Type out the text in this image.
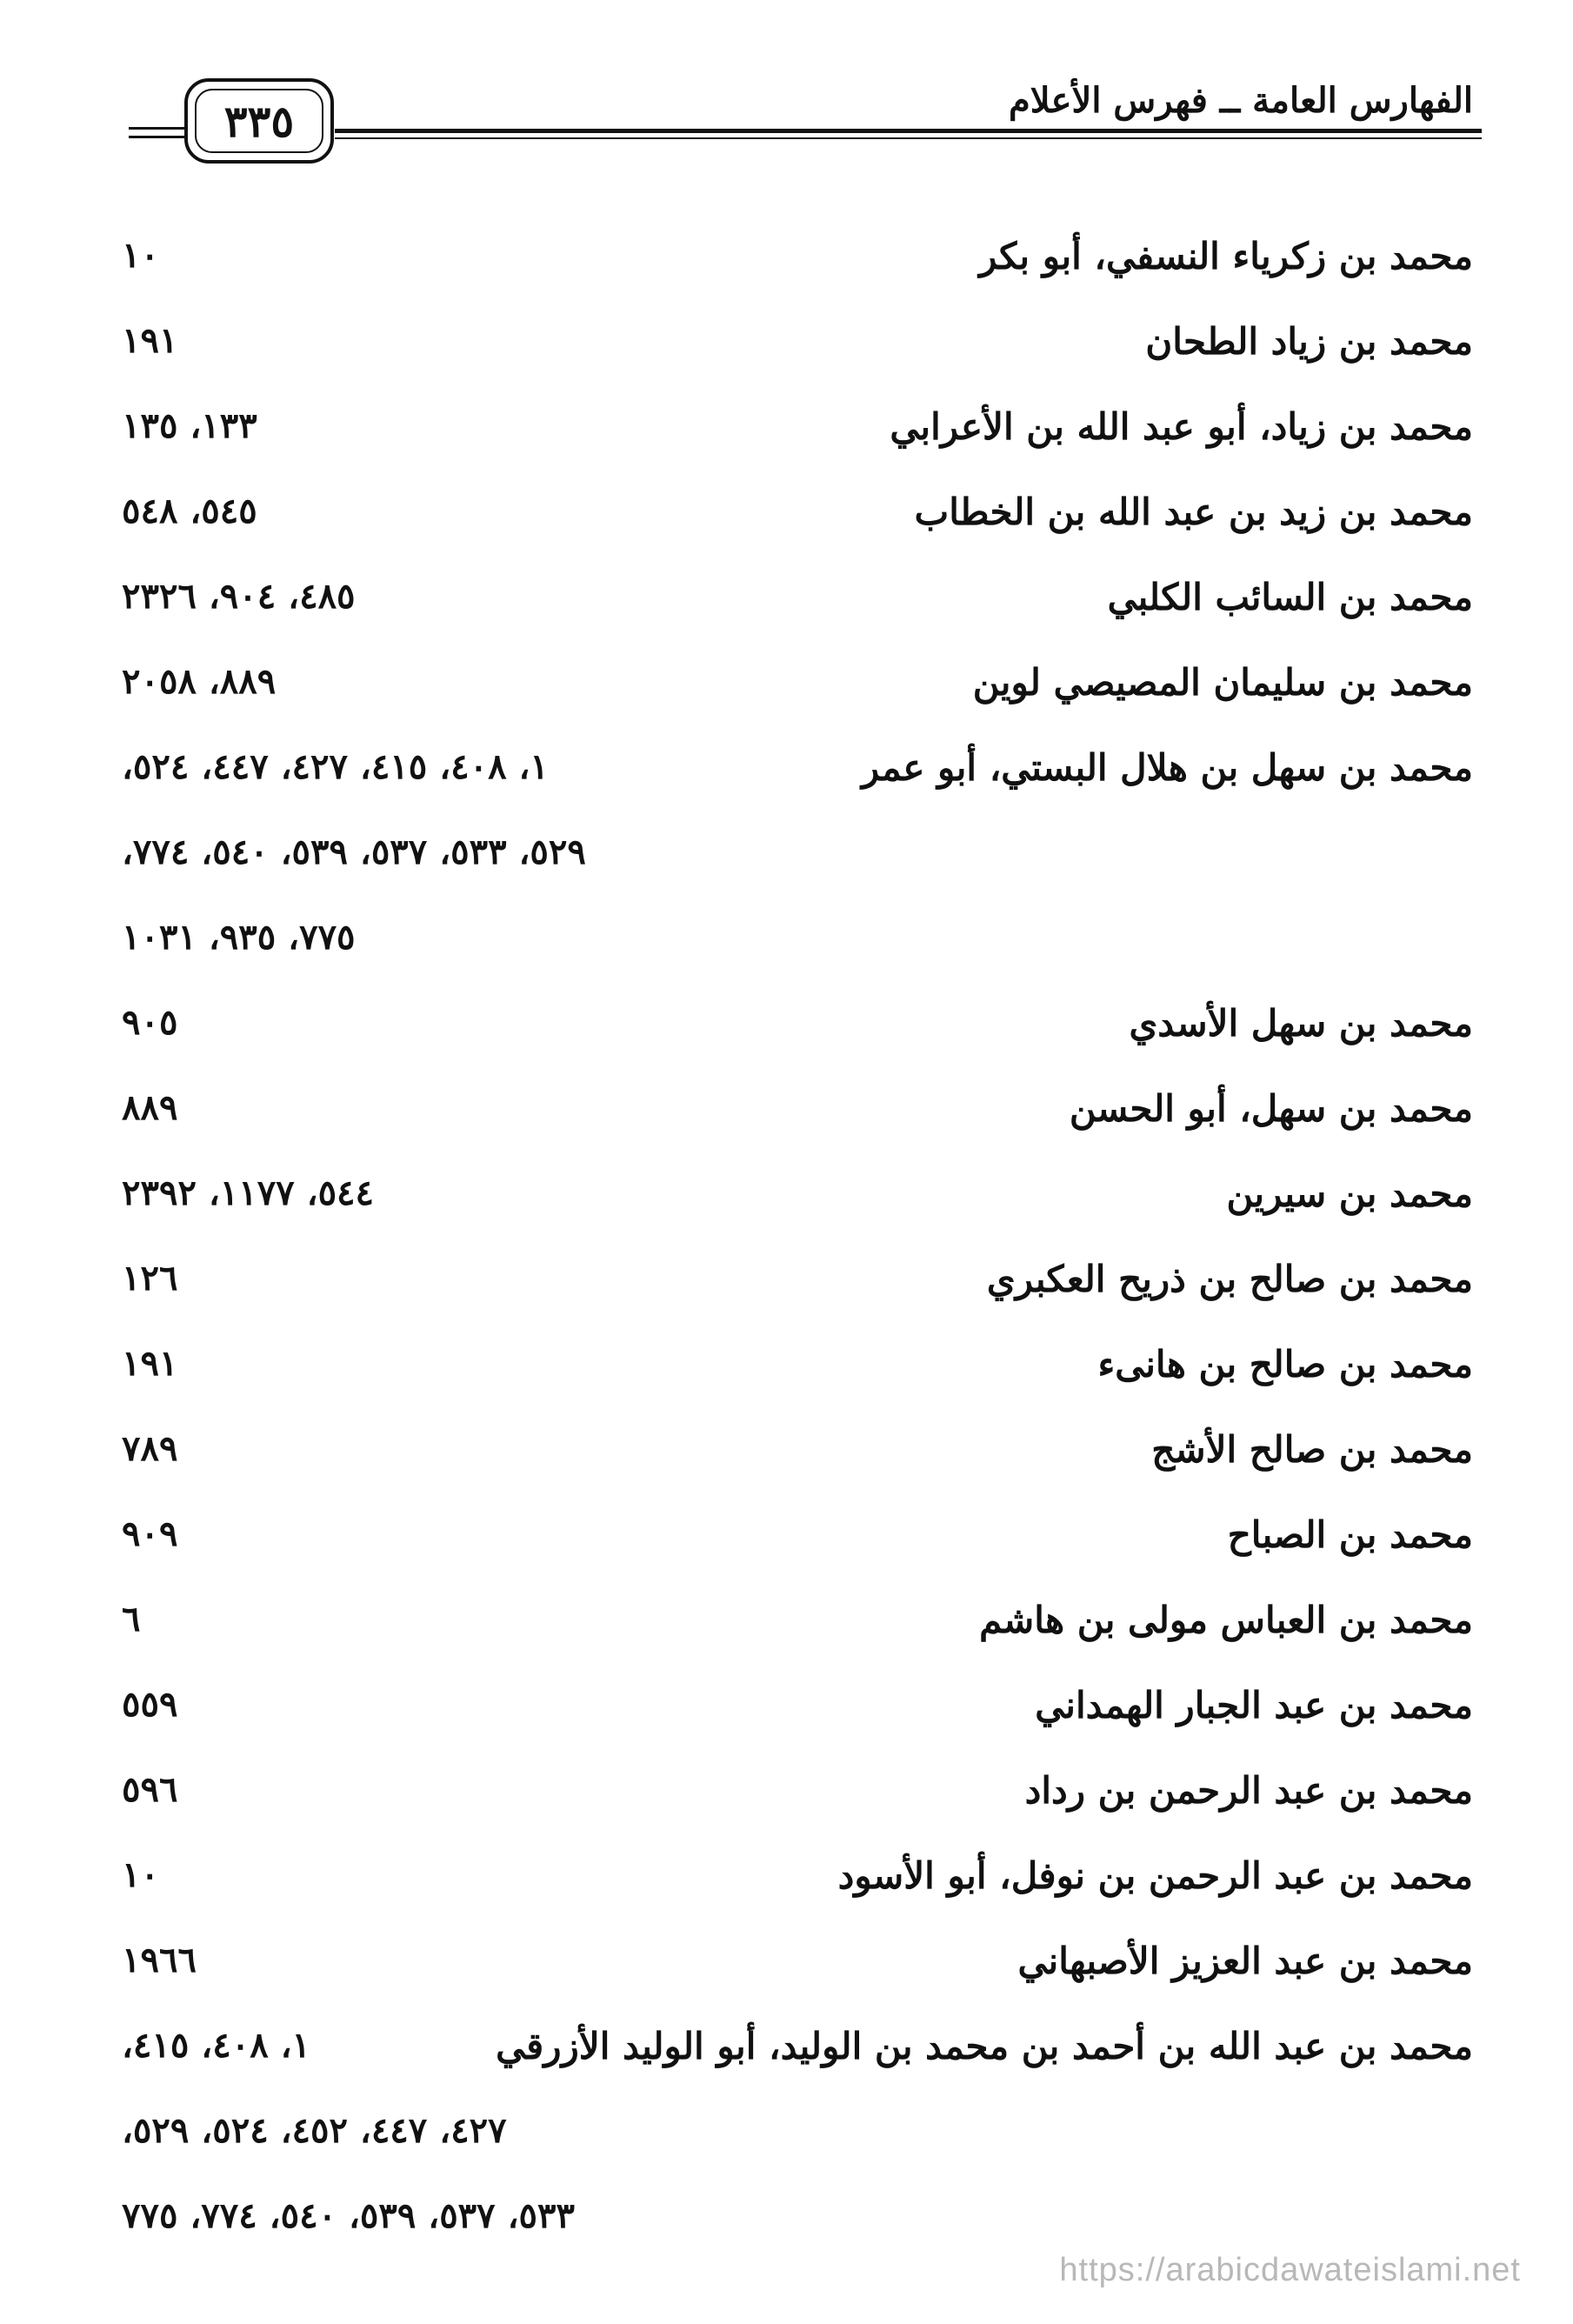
الفهارس العامة ــ فهرس الأعلام
٣٣٥
محمد بن زكرياء النسفي، أبو بكر
١٠
محمد بن زياد الطحان
١٩١
محمد بن زياد، أبو عبد الله بن الأعرابي
١٣٣، ١٣٥
محمد بن زيد بن عبد الله بن الخطاب
٥٤٥، ٥٤٨
محمد بن السائب الكلبي
٤٨٥، ٩٠٤، ٢٣٢٦
محمد بن سليمان المصيصي لوين
٨٨٩، ٢٠٥٨
محمد بن سهل بن هلال البستي، أبو عمر
١، ٤٠٨، ٤١٥، ٤٢٧، ٤٤٧، ٥٢٤،
٥٢٩، ٥٣٣، ٥٣٧، ٥٣٩، ٥٤٠، ٧٧٤،
٧٧٥، ٩٣٥، ١٠٣١
محمد بن سهل الأسدي
٩٠٥
محمد بن سهل، أبو الحسن
٨٨٩
محمد بن سيرين
٥٤٤، ١١٧٧، ٢٣٩٢
محمد بن صالح بن ذريح العكبري
١٢٦
محمد بن صالح بن هانىء
١٩١
محمد بن صالح الأشج
٧٨٩
محمد بن الصباح
٩٠٩
محمد بن العباس مولى بن هاشم
٦
محمد بن عبد الجبار الهمداني
٥٥٩
محمد بن عبد الرحمن بن رداد
٥٩٦
محمد بن عبد الرحمن بن نوفل، أبو الأسود
١٠
محمد بن عبد العزيز الأصبهاني
١٩٦٦
محمد بن عبد الله بن أحمد بن محمد بن الوليد، أبو الوليد الأزرقي
١، ٤٠٨، ٤١٥،
٤٢٧، ٤٤٧، ٤٥٢، ٥٢٤، ٥٢٩،
٥٣٣، ٥٣٧، ٥٣٩، ٥٤٠، ٧٧٤، ٧٧٥
https://arabicdawateislami.net
